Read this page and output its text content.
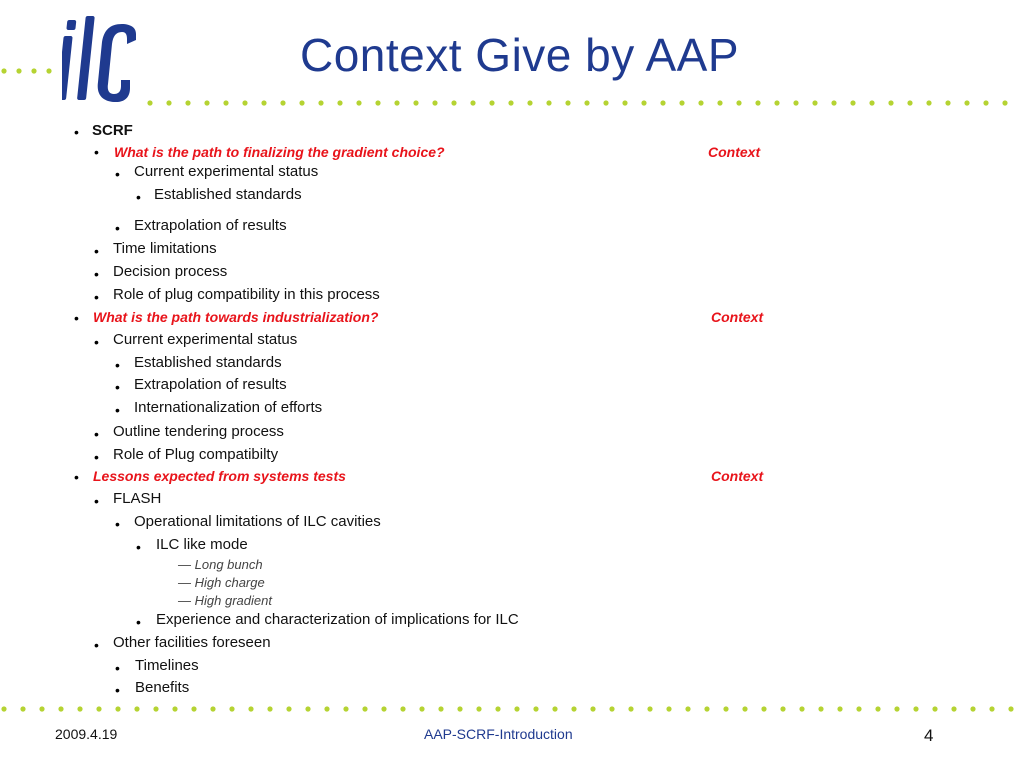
Context Give by AAP
• SCRF
• What is the path to finalizing the gradient choice?	Context
• Current experimental status
• Established standards
• Extrapolation of results
• Time limitations
• Decision process
• Role of plug compatibility in this process
• What is the path towards industrialization?	Context
• Current experimental status
• Established standards
• Extrapolation of results
• Internationalization of efforts
• Outline tendering process
• Role of Plug compatibilty
• Lessons expected from systems tests	Context
• FLASH
• Operational limitations of ILC cavities
• ILC like mode
— Long bunch
— High charge
— High gradient
• Experience and characterization of implications for ILC
• Other facilities foreseen
• Timelines
• Benefits
2009.4.19	AAP-SCRF-Introduction	4
